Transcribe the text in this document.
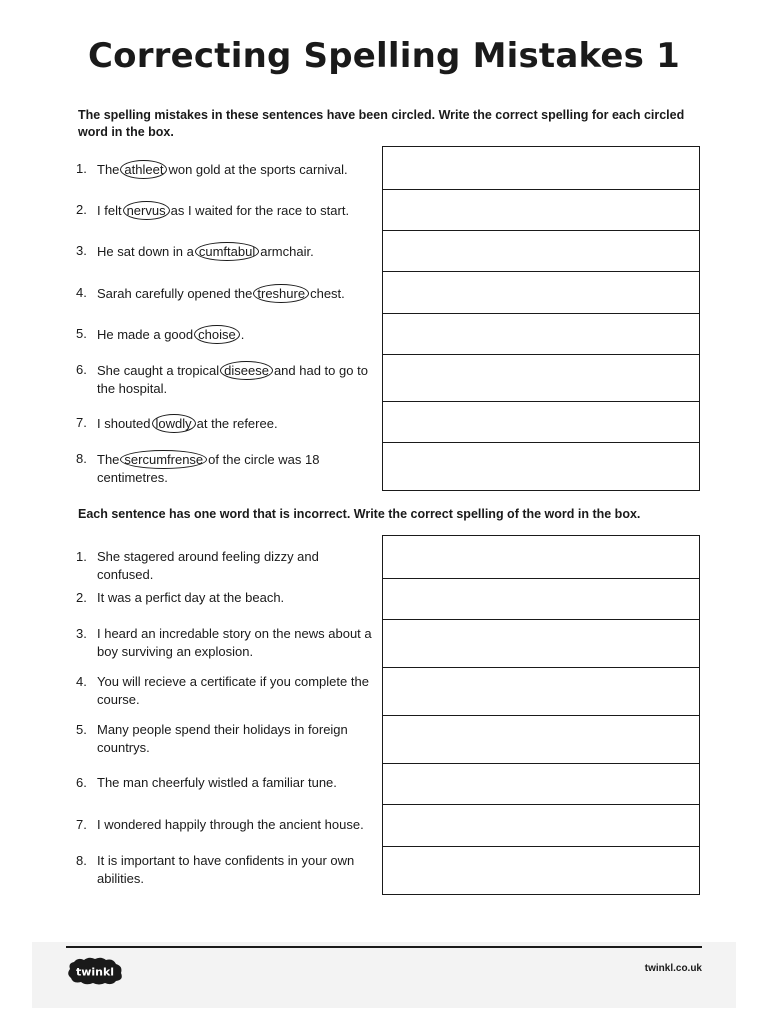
Correcting Spelling Mistakes 1
The spelling mistakes in these sentences have been circled. Write the correct spelling for each circled word in the box.
1. The athleet won gold at the sports carnival.
2. I felt nervus as I waited for the race to start.
3. He sat down in a cumftabul armchair.
4. Sarah carefully opened the treshure chest.
5. He made a good choise .
6. She caught a tropical diseese and had to go to the hospital.
7. I shouted lowdly at the referee.
8. The sercumfrense of the circle was 18 centimetres.
Each sentence has one word that is incorrect. Write the correct spelling of the word in the box.
1. She stagered around feeling dizzy and confused.
2. It was a perfict day at the beach.
3. I heard an incredable story on the news about a boy surviving an explosion.
4. You will recieve a certificate if you complete the course.
5. Many people spend their holidays in foreign countrys.
6. The man cheerfuly wistled a familiar tune.
7. I wondered happily through the ancient house.
8. It is important to have confidents in your own abilities.
twinkl	twinkl.co.uk
